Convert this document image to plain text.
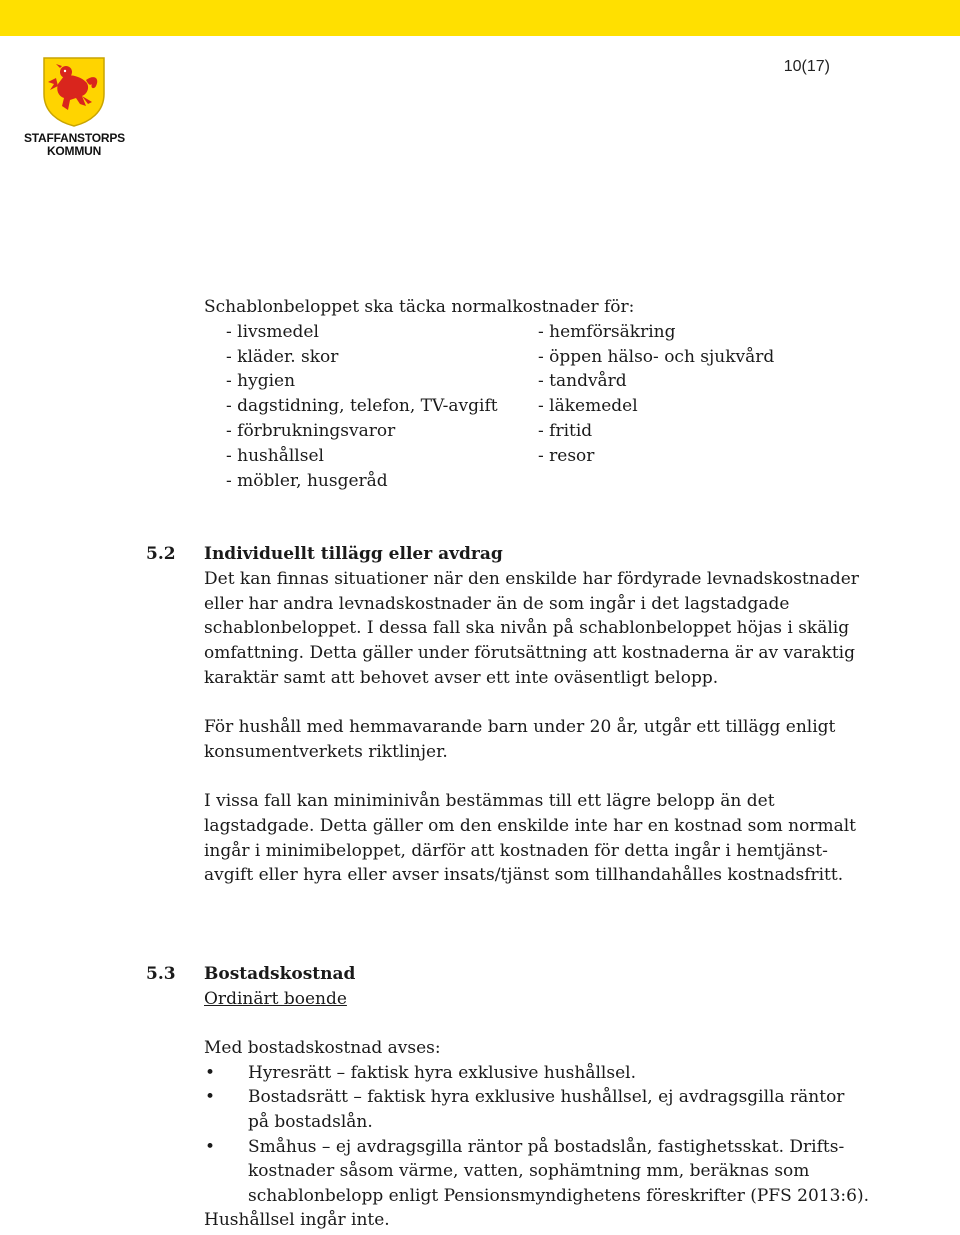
STAFFANSTORPS
KOMMUN
10(17)
Schablonbeloppet ska täcka normalkostnader för:
- livsmedel
- kläder. skor
- hygien
- dagstidning, telefon, TV-avgift
- förbrukningsvaror
- hushållsel
- möbler, husgeråd
- hemförsäkring
- öppen hälso- och sjukvård
- tandvård
- läkemedel
- fritid
- resor
5.2 Individuellt tillägg eller avdrag
Det kan finnas situationer när den enskilde har fördyrade levnadskostnader
eller har andra levnadskostnader än de som ingår i det lagstadgade
schablonbeloppet. I dessa fall ska nivån på schablonbeloppet höjas i skälig
omfattning. Detta gäller under förutsättning att kostnaderna är av varaktig
karaktär samt att behovet avser ett inte oväsentligt belopp.
För hushåll med hemmavarande barn under 20 år, utgår ett tillägg enligt
konsumentverkets riktlinjer.
I vissa fall kan miniminivån bestämmas till ett lägre belopp än det
lagstadgade. Detta gäller om den enskilde inte har en kostnad som normalt
ingår i minimibeloppet, därför att kostnaden för detta ingår i hemtjänst-
avgift eller hyra eller avser insats/tjänst som tillhandahålles kostnadsfritt.
5.3 Bostadskostnad
Ordinärt boende
Med bostadskostnad avses:
• Hyresrätt – faktisk hyra exklusive hushållsel.
• Bostadsrätt – faktisk hyra exklusive hushållsel, ej avdragsgilla räntor
på bostadslån.
• Småhus – ej avdragsgilla räntor på bostadslån, fastighetsskat. Drifts-
kostnader såsom värme, vatten, sophämtning mm, beräknas som
schablonbelopp enligt Pensionsmyndighetens föreskrifter (PFS 2013:6).
Hushållsel ingår inte.
